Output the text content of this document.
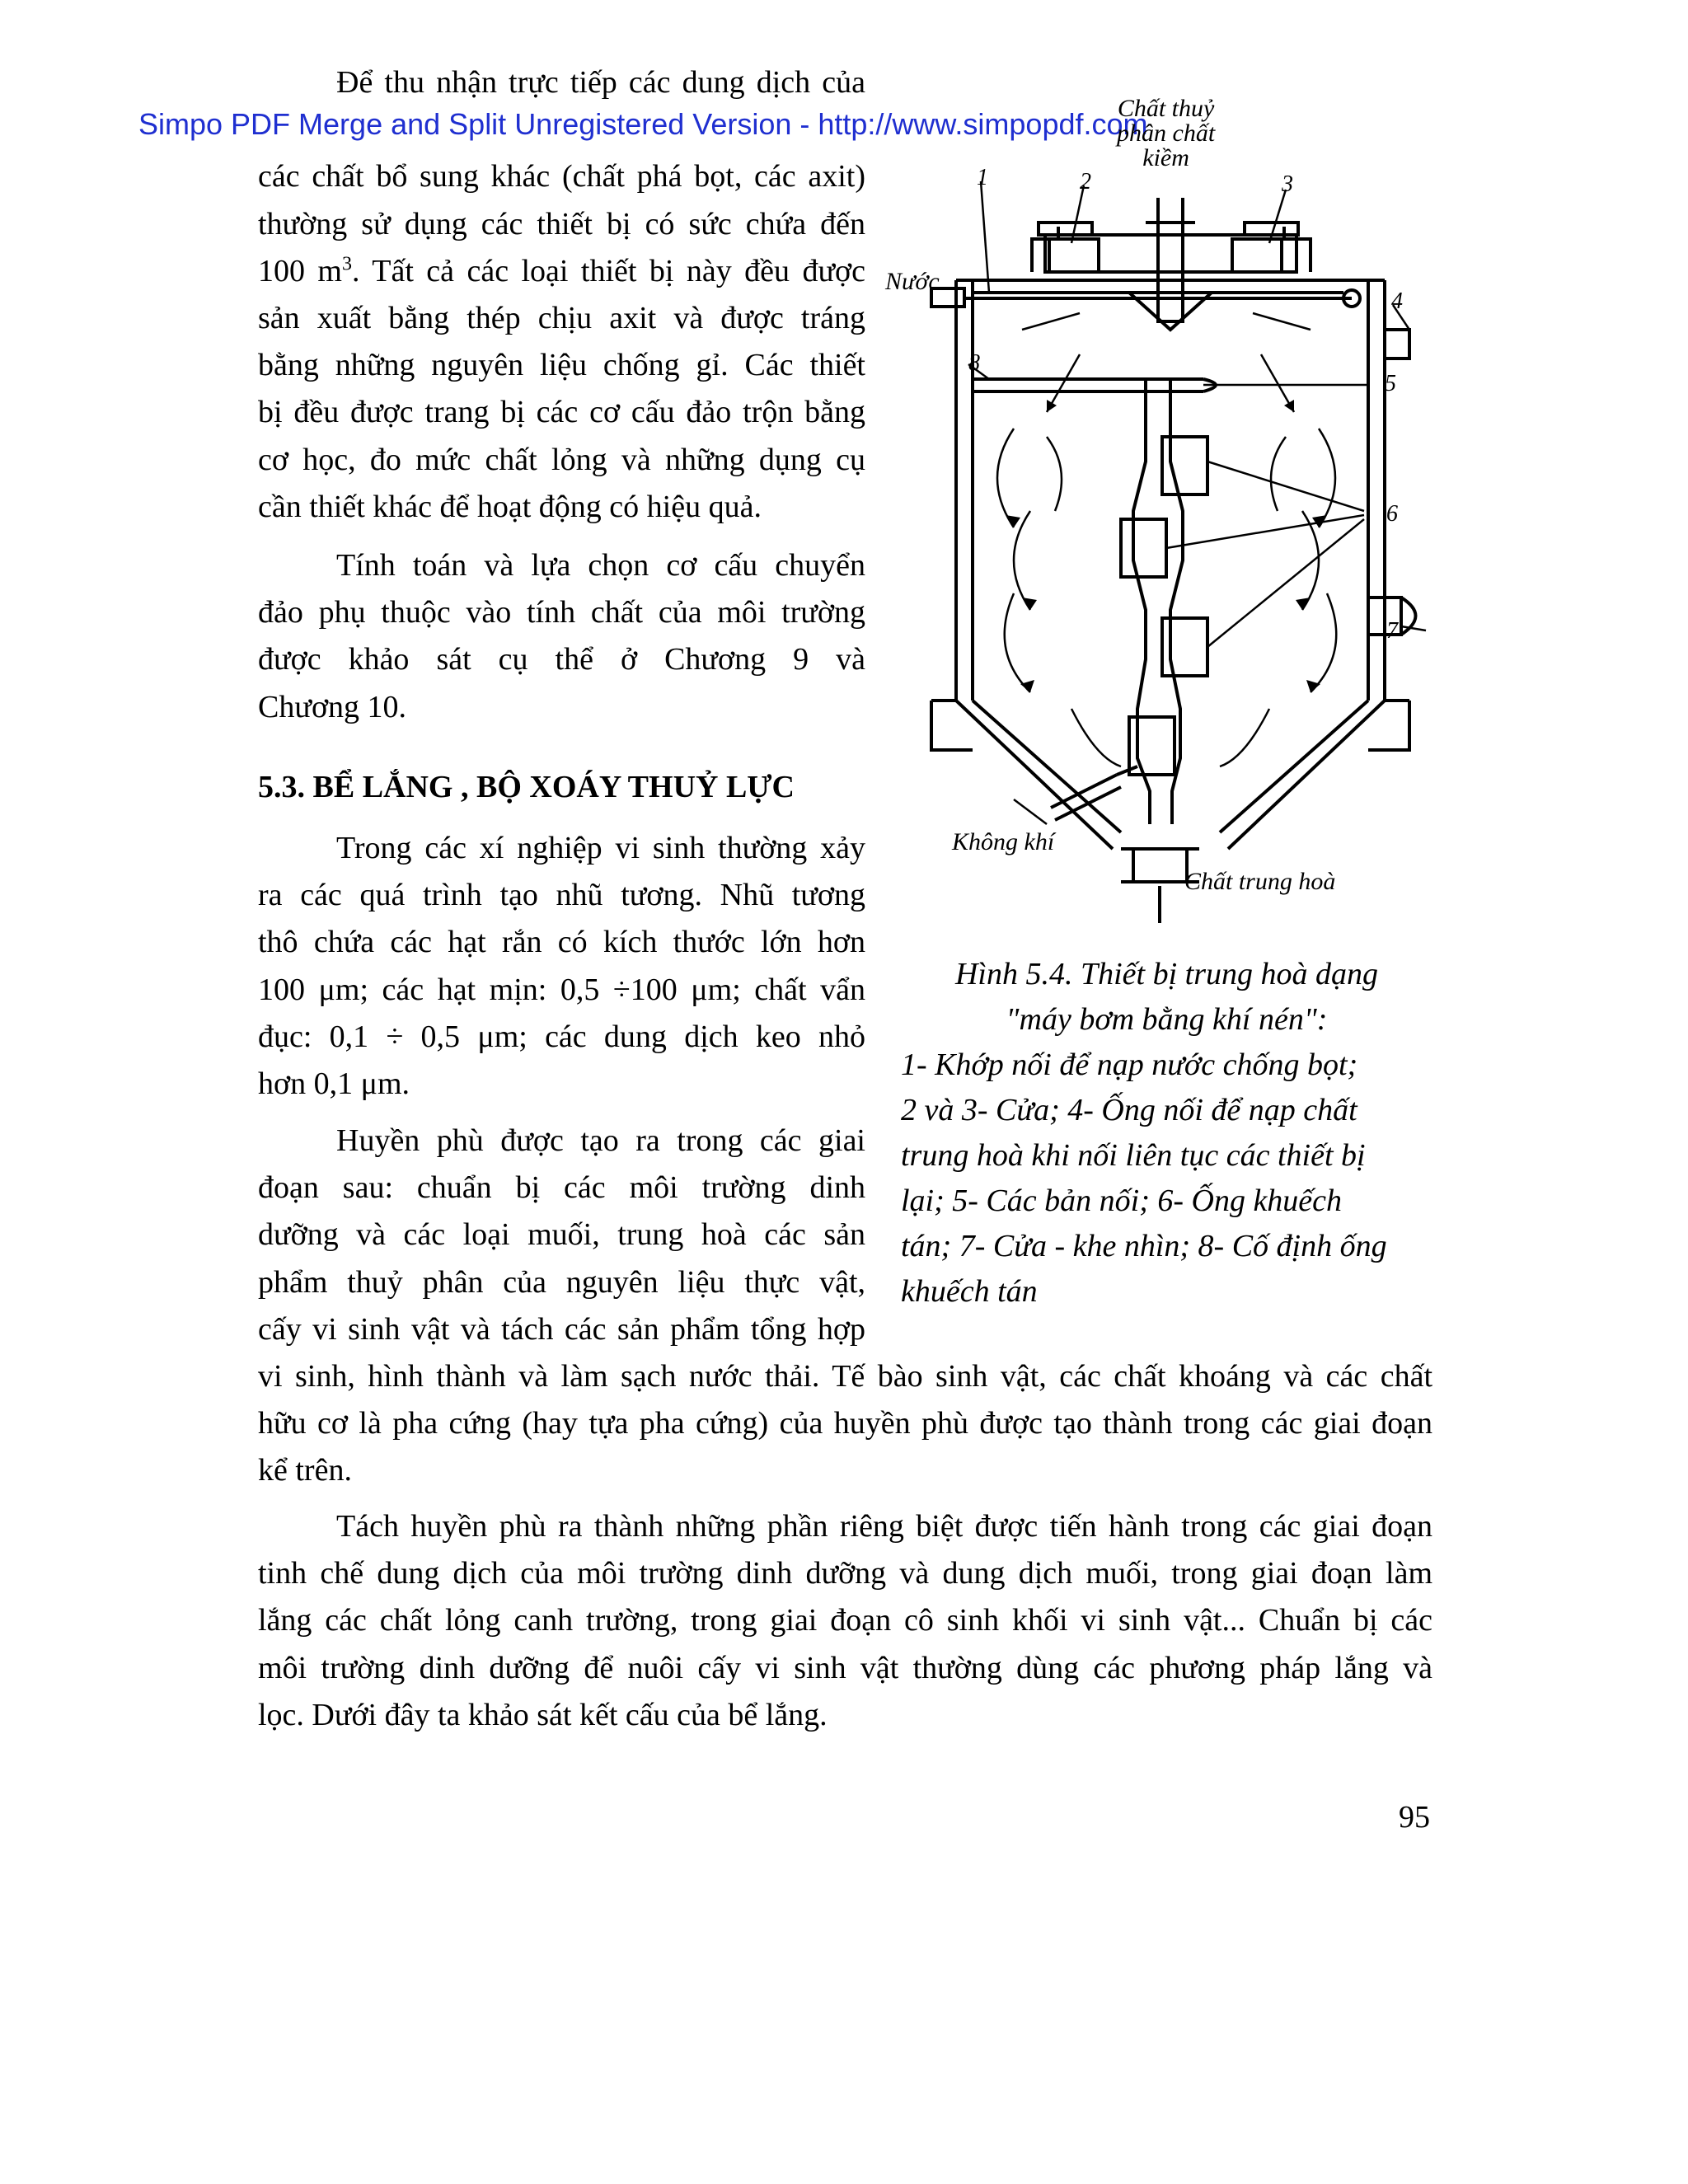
Simpo PDF Merge and Split Unregistered Version - http://www.simpopdf.com
Để thu nhận trực tiếp các dung dịch của
các chất bổ sung khác (chất phá bọt, các axit)
thường sử dụng các thiết bị có sức chứa đến
100 $m^3$. Tất cả các loại thiết bị này đều được
sản xuất bằng thép chịu axit và được tráng
bằng những nguyên liệu chống gỉ. Các thiết
bị đều được trang bị các cơ cấu đảo trộn bằng
cơ học, đo mức chất lỏng và những dụng cụ
cần thiết khác để hoạt động có hiệu quả.
Tính toán và lựa chọn cơ cấu chuyển
đảo phụ thuộc vào tính chất của môi trường
được khảo sát cụ thể ở Chương 9 và
Chương 10.
5.3. BỂ LẮNG , BỘ XOÁY THUỶ LỰC
Trong các xí nghiệp vi sinh thường xảy
ra các quá trình tạo nhũ tương. Nhũ tương
thô chứa các hạt rắn có kích thước lớn hơn
100 μm; các hạt mịn: 0,5 ÷100 μm; chất vẩn
đục: 0,1 ÷ 0,5 μm; các dung dịch keo nhỏ
hơn 0,1 μm.
Huyền phù được tạo ra trong các giai
đoạn sau: chuẩn bị các môi trường dinh
dưỡng và các loại muối, trung hoà các sản
phẩm thuỷ phân của nguyên liệu thực vật,
cấy vi sinh vật và tách các sản phẩm tổng hợp
vi sinh, hình thành và làm sạch nước thải. Tế bào sinh vật, các chất khoáng và các chất
hữu cơ là pha cứng (hay tựa pha cứng) của huyền phù được tạo thành trong các giai đoạn
kể trên.
Tách huyền phù ra thành những phần riêng biệt được tiến hành trong các giai đoạn
tinh chế dung dịch của môi trường dinh dưỡng và dung dịch muối, trong giai đoạn làm
lắng các chất lỏng canh trường, trong giai đoạn cô sinh khối vi sinh vật... Chuẩn bị các
môi trường dinh dưỡng để nuôi cấy vi sinh vật thường dùng các phương pháp lắng và
lọc. Dưới đây ta khảo sát kết cấu của bể lắng.
Chất thuỷ
phân chất
kiềm
Nước
Không khí
Chất trung hoà
1	2	3
4
5
6
7
8
Hình 5.4. Thiết bị trung hoà dạng
"máy bơm bằng khí nén":
1- Khớp nối để nạp nước chống bọt;
2 và 3- Cửa; 4- Ống nối để nạp chất
trung hoà khi nối liên tục các thiết bị
lại; 5- Các bản nối; 6- Ống khuếch
tán; 7- Cửa - khe nhìn; 8- Cố định ống
khuếch tán
95
